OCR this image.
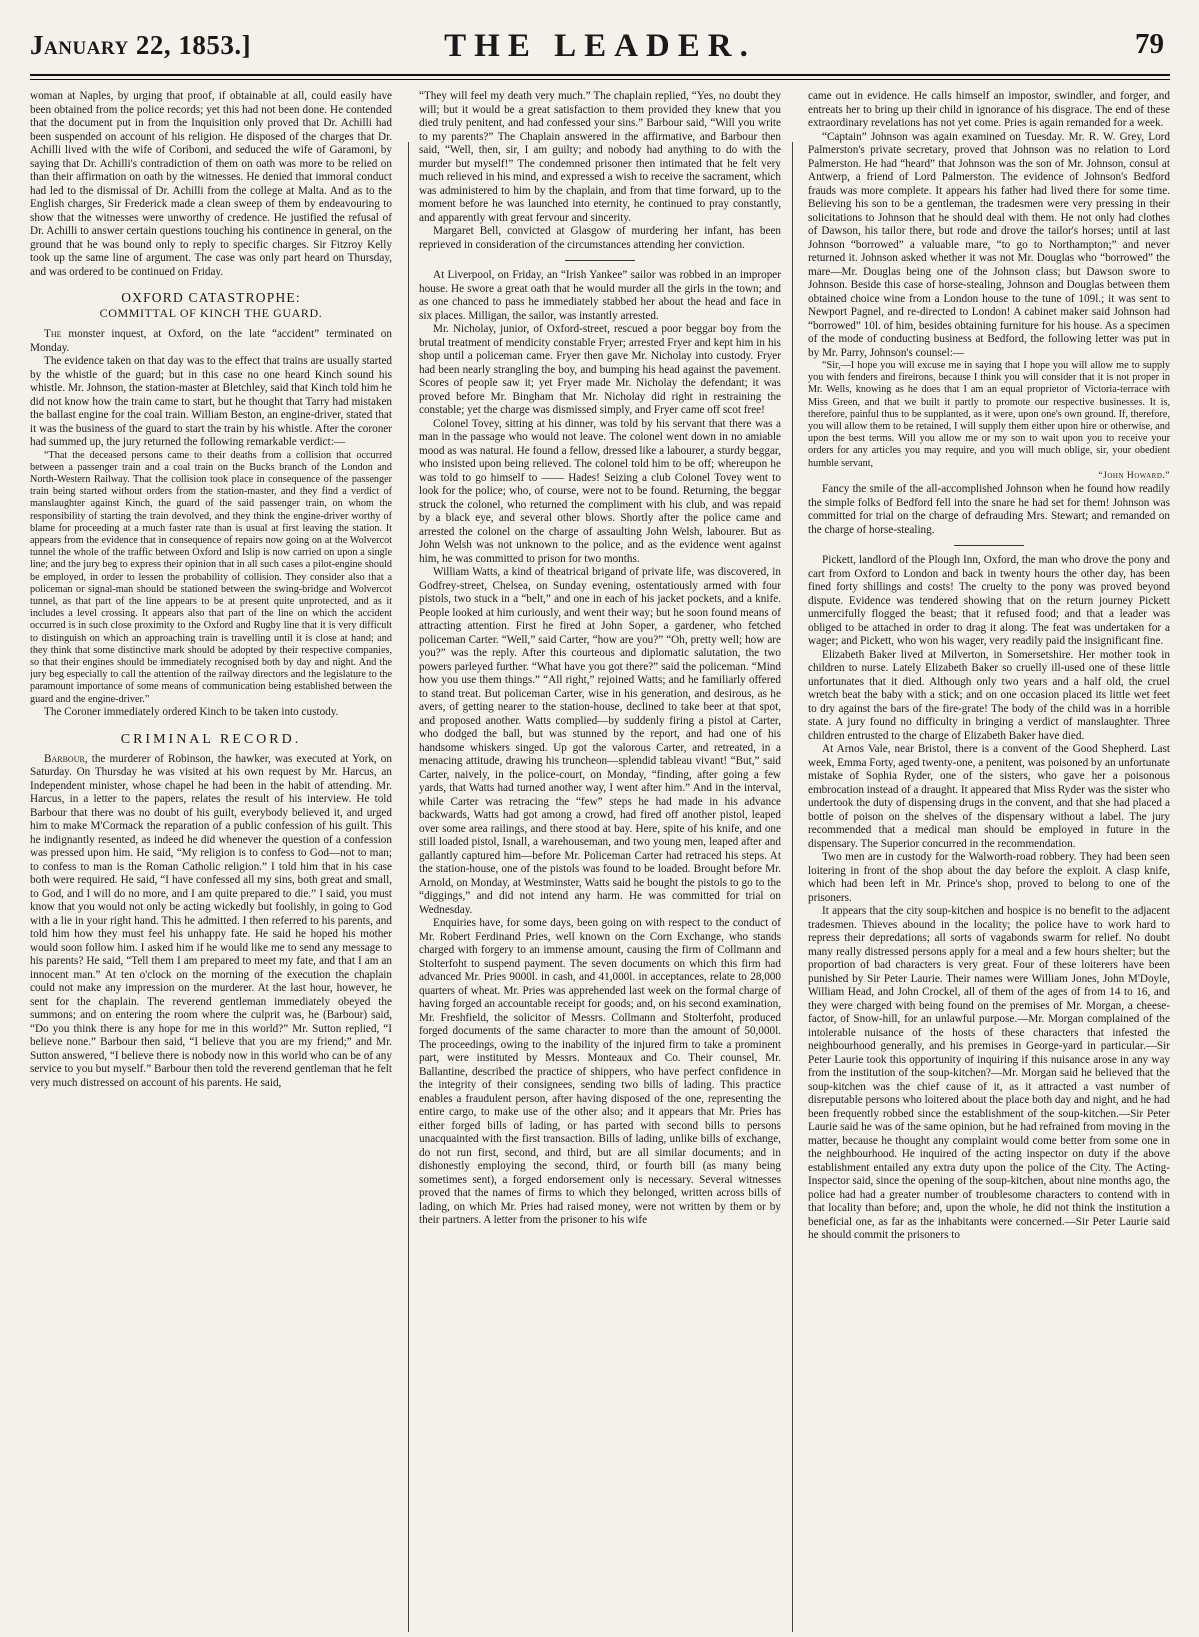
January 22, 1853.]	THE LEADER.	79

woman at Naples, by urging that proof, if obtainable at all, could easily have been obtained from the police records; yet this had not been done. He contended that the document put in from the Inquisition only proved that Dr. Achilli had been suspended on account of his religion. He disposed of the charges that Dr. Achilli lived with the wife of Coriboni, and seduced the wife of Garamoni, by saying that Dr. Achilli's contradiction of them on oath was more to be relied on than their affirmation on oath by the witnesses. He denied that immoral conduct had led to the dismissal of Dr. Achilli from the college at Malta. And as to the English charges, Sir Frederick made a clean sweep of them by endeavouring to show that the witnesses were unworthy of credence. He justified the refusal of Dr. Achilli to answer certain questions touching his continence in general, on the ground that he was bound only to reply to specific charges. Sir Fitzroy Kelly took up the same line of argument. The case was only part heard on Thursday, and was ordered to be continued on Friday.

OXFORD CATASTROPHE:
COMMITTAL OF KINCH THE GUARD.

The monster inquest, at Oxford, on the late “accident” terminated on Monday.

The evidence taken on that day was to the effect that trains are usually started by the whistle of the guard; but in this case no one heard Kinch sound his whistle. Mr. Johnson, the station-master at Bletchley, said that Kinch told him he did not know how the train came to start, but he thought that Tarry had mistaken the ballast engine for the coal train. William Beston, an engine-driver, stated that it was the business of the guard to start the train by his whistle. After the coroner had summed up, the jury returned the following remarkable verdict:—

“That the deceased persons came to their deaths from a collision that occurred between a passenger train and a coal train on the Bucks branch of the London and North-Western Railway. That the collision took place in consequence of the passenger train being started without orders from the station-master, and they find a verdict of manslaughter against Kinch, the guard of the said passenger train, on whom the responsibility of starting the train devolved, and they think the engine-driver worthy of blame for proceeding at a much faster rate than is usual at first leaving the station. It appears from the evidence that in consequence of repairs now going on at the Wolvercot tunnel the whole of the traffic between Oxford and Islip is now carried on upon a single line; and the jury beg to express their opinion that in all such cases a pilot-engine should be employed, in order to lessen the probability of collision. They consider also that a policeman or signal-man should be stationed between the swing-bridge and Wolvercot tunnel, as that part of the line appears to be at present quite unprotected, and as it includes a level crossing. It appears also that part of the line on which the accident occurred is in such close proximity to the Oxford and Rugby line that it is very difficult to distinguish on which an approaching train is travelling until it is close at hand; and they think that some distinctive mark should be adopted by their respective companies, so that their engines should be immediately recognised both by day and night. And the jury beg especially to call the attention of the railway directors and the legislature to the paramount importance of some means of communication being established between the guard and the engine-driver.”

The Coroner immediately ordered Kinch to be taken into custody.

CRIMINAL RECORD.

Barbour, the murderer of Robinson, the hawker, was executed at York, on Saturday. On Thursday he was visited at his own request by Mr. Harcus, an Independent minister, whose chapel he had been in the habit of attending. Mr. Harcus, in a letter to the papers, relates the result of his interview. He told Barbour that there was no doubt of his guilt, everybody believed it, and urged him to make M'Cormack the reparation of a public confession of his guilt. This he indignantly resented, as indeed he did whenever the question of a confession was pressed upon him. He said, “My religion is to confess to God—not to man; to confess to man is the Roman Catholic religion.” I told him that in his case both were required. He said, “I have confessed all my sins, both great and small, to God, and I will do no more, and I am quite prepared to die.” I said, you must know that you would not only be acting wickedly but foolishly, in going to God with a lie in your right hand. This he admitted. I then referred to his parents, and told him how they must feel his unhappy fate. He said he hoped his mother would soon follow him. I asked him if he would like me to send any message to his parents? He said, “Tell them I am prepared to meet my fate, and that I am an innocent man.” At ten o'clock on the morning of the execution the chaplain could not make any impression on the murderer. At the last hour, however, he sent for the chaplain. The reverend gentleman immediately obeyed the summons; and on entering the room where the culprit was, he (Barbour) said, “Do you think there is any hope for me in this world?” Mr. Sutton replied, “I believe none.” Barbour then said, “I believe that you are my friend;” and Mr. Sutton answered, “I believe there is nobody now in this world who can be of any service to you but myself.” Barbour then told the reverend gentleman that he felt very much distressed on account of his parents. He said,

“They will feel my death very much.” The chaplain replied, “Yes, no doubt they will; but it would be a great satisfaction to them provided they knew that you died truly penitent, and had confessed your sins.” Barbour said, “Will you write to my parents?” The Chaplain answered in the affirmative, and Barbour then said, “Well, then, sir, I am guilty; and nobody had anything to do with the murder but myself!” The condemned prisoner then intimated that he felt very much relieved in his mind, and expressed a wish to receive the sacrament, which was administered to him by the chaplain, and from that time forward, up to the moment before he was launched into eternity, he continued to pray constantly, and apparently with great fervour and sincerity.

Margaret Bell, convicted at Glasgow of murdering her infant, has been reprieved in consideration of the circumstances attending her conviction.

At Liverpool, on Friday, an “Irish Yankee” sailor was robbed in an improper house. He swore a great oath that he would murder all the girls in the town; and as one chanced to pass he immediately stabbed her about the head and face in six places. Milligan, the sailor, was instantly arrested.

Mr. Nicholay, junior, of Oxford-street, rescued a poor beggar boy from the brutal treatment of mendicity constable Fryer; arrested Fryer and kept him in his shop until a policeman came. Fryer then gave Mr. Nicholay into custody. Fryer had been nearly strangling the boy, and bumping his head against the pavement. Scores of people saw it; yet Fryer made Mr. Nicholay the defendant; it was proved before Mr. Bingham that Mr. Nicholay did right in restraining the constable; yet the charge was dismissed simply, and Fryer came off scot free!

Colonel Tovey, sitting at his dinner, was told by his servant that there was a man in the passage who would not leave. The colonel went down in no amiable mood as was natural. He found a fellow, dressed like a labourer, a sturdy beggar, who insisted upon being relieved. The colonel told him to be off; whereupon he was told to go himself to —— Hades! Seizing a club Colonel Tovey went to look for the police; who, of course, were not to be found. Returning, the beggar struck the colonel, who returned the compliment with his club, and was repaid by a black eye, and several other blows. Shortly after the police came and arrested the colonel on the charge of assaulting John Welsh, labourer. But as John Welsh was not unknown to the police, and as the evidence went against him, he was committed to prison for two months.

William Watts, a kind of theatrical brigand of private life, was discovered, in Godfrey-street, Chelsea, on Sunday evening, ostentatiously armed with four pistols, two stuck in a “belt,” and one in each of his jacket pockets, and a knife. People looked at him curiously, and went their way; but he soon found means of attracting attention. First he fired at John Soper, a gardener, who fetched policeman Carter. “Well,” said Carter, “how are you?” “Oh, pretty well; how are you?” was the reply. After this courteous and diplomatic salutation, the two powers parleyed further. “What have you got there?” said the policeman. “Mind how you use them things.” “All right,” rejoined Watts; and he familiarly offered to stand treat. But policeman Carter, wise in his generation, and desirous, as he avers, of getting nearer to the station-house, declined to take beer at that spot, and proposed another. Watts complied—by suddenly firing a pistol at Carter, who dodged the ball, but was stunned by the report, and had one of his handsome whiskers singed. Up got the valorous Carter, and retreated, in a menacing attitude, drawing his truncheon—splendid tableau vivant! “But,” said Carter, naively, in the police-court, on Monday, “finding, after going a few yards, that Watts had turned another way, I went after him.” And in the interval, while Carter was retracing the “few” steps he had made in his advance backwards, Watts had got among a crowd, had fired off another pistol, leaped over some area railings, and there stood at bay. Here, spite of his knife, and one still loaded pistol, Isnall, a warehouseman, and two young men, leaped after and gallantly captured him—before Mr. Policeman Carter had retraced his steps. At the station-house, one of the pistols was found to be loaded. Brought before Mr. Arnold, on Monday, at Westminster, Watts said he bought the pistols to go to the “diggings,” and did not intend any harm. He was committed for trial on Wednesday.

Enquiries have, for some days, been going on with respect to the conduct of Mr. Robert Ferdinand Pries, well known on the Corn Exchange, who stands charged with forgery to an immense amount, causing the firm of Collmann and Stolterfoht to suspend payment. The seven documents on which this firm had advanced Mr. Pries 9000l. in cash, and 41,000l. in acceptances, relate to 28,000 quarters of wheat. Mr. Pries was apprehended last week on the formal charge of having forged an accountable receipt for goods; and, on his second examination, Mr. Freshfield, the solicitor of Messrs. Collmann and Stolterfoht, produced forged documents of the same character to more than the amount of 50,000l. The proceedings, owing to the inability of the injured firm to take a prominent part, were instituted by Messrs. Monteaux and Co. Their counsel, Mr. Ballantine, described the practice of shippers, who have perfect confidence in the integrity of their consignees, sending two bills of lading. This practice enables a fraudulent person, after having disposed of the one, representing the entire cargo, to make use of the other also; and it appears that Mr. Pries has either forged bills of lading, or has parted with second bills to persons unacquainted with the first transaction. Bills of lading, unlike bills of exchange, do not run first, second, and third, but are all similar documents; and in dishonestly employing the second, third, or fourth bill (as many being sometimes sent), a forged endorsement only is necessary. Several witnesses proved that the names of firms to which they belonged, written across bills of lading, on which Mr. Pries had raised money, were not written by them or by their partners. A letter from the prisoner to his wife

came out in evidence. He calls himself an impostor, swindler, and forger, and entreats her to bring up their child in ignorance of his disgrace. The end of these extraordinary revelations has not yet come. Pries is again remanded for a week.

“Captain” Johnson was again examined on Tuesday. Mr. R. W. Grey, Lord Palmerston's private secretary, proved that Johnson was no relation to Lord Palmerston. He had “heard” that Johnson was the son of Mr. Johnson, consul at Antwerp, a friend of Lord Palmerston. The evidence of Johnson's Bedford frauds was more complete. It appears his father had lived there for some time. Believing his son to be a gentleman, the tradesmen were very pressing in their solicitations to Johnson that he should deal with them. He not only had clothes of Dawson, his tailor there, but rode and drove the tailor's horses; until at last Johnson “borrowed” a valuable mare, “to go to Northampton;” and never returned it. Johnson asked whether it was not Mr. Douglas who “borrowed” the mare—Mr. Douglas being one of the Johnson class; but Dawson swore to Johnson. Beside this case of horse-stealing, Johnson and Douglas between them obtained choice wine from a London house to the tune of 109l.; it was sent to Newport Pagnel, and re-directed to London! A cabinet maker said Johnson had “borrowed” 10l. of him, besides obtaining furniture for his house. As a specimen of the mode of conducting business at Bedford, the following letter was put in by Mr. Parry, Johnson's counsel:—

“Sir,—I hope you will excuse me in saying that I hope you will allow me to supply you with fenders and fireirons, because I think you will consider that it is not proper in Mr. Wells, knowing as he does that I am an equal proprietor of Victoria-terrace with Miss Green, and that we built it partly to promote our respective businesses. It is, therefore, painful thus to be supplanted, as it were, upon one's own ground. If, therefore, you will allow them to be retained, I will supply them either upon hire or otherwise, and upon the best terms. Will you allow me or my son to wait upon you to receive your orders for any articles you may require, and you will much oblige, sir, your obedient humble servant,

“John Howard.”

Fancy the smile of the all-accomplished Johnson when he found how readily the simple folks of Bedford fell into the snare he had set for them! Johnson was committed for trial on the charge of defrauding Mrs. Stewart; and remanded on the charge of horse-stealing.

Pickett, landlord of the Plough Inn, Oxford, the man who drove the pony and cart from Oxford to London and back in twenty hours the other day, has been fined forty shillings and costs! The cruelty to the pony was proved beyond dispute. Evidence was tendered showing that on the return journey Pickett unmercifully flogged the beast; that it refused food; and that a leader was obliged to be attached in order to drag it along. The feat was undertaken for a wager; and Pickett, who won his wager, very readily paid the insignificant fine.

Elizabeth Baker lived at Milverton, in Somersetshire. Her mother took in children to nurse. Lately Elizabeth Baker so cruelly ill-used one of these little unfortunates that it died. Although only two years and a half old, the cruel wretch beat the baby with a stick; and on one occasion placed its little wet feet to dry against the bars of the fire-grate! The body of the child was in a horrible state. A jury found no difficulty in bringing a verdict of manslaughter. Three children entrusted to the charge of Elizabeth Baker have died.

At Arnos Vale, near Bristol, there is a convent of the Good Shepherd. Last week, Emma Forty, aged twenty-one, a penitent, was poisoned by an unfortunate mistake of Sophia Ryder, one of the sisters, who gave her a poisonous embrocation instead of a draught. It appeared that Miss Ryder was the sister who undertook the duty of dispensing drugs in the convent, and that she had placed a bottle of poison on the shelves of the dispensary without a label. The jury recommended that a medical man should be employed in future in the dispensary. The Superior concurred in the recommendation.

Two men are in custody for the Walworth-road robbery. They had been seen loitering in front of the shop about the day before the exploit. A clasp knife, which had been left in Mr. Prince's shop, proved to belong to one of the prisoners.

It appears that the city soup-kitchen and hospice is no benefit to the adjacent tradesmen. Thieves abound in the locality; the police have to work hard to repress their depredations; all sorts of vagabonds swarm for relief. No doubt many really distressed persons apply for a meal and a few hours shelter; but the proportion of bad characters is very great. Four of these loiterers have been punished by Sir Peter Laurie. Their names were William Jones, John M'Doyle, William Head, and John Crockel, all of them of the ages of from 14 to 16, and they were charged with being found on the premises of Mr. Morgan, a cheese-factor, of Snow-hill, for an unlawful purpose.—Mr. Morgan complained of the intolerable nuisance of the hosts of these characters that infested the neighbourhood generally, and his premises in George-yard in particular.—Sir Peter Laurie took this opportunity of inquiring if this nuisance arose in any way from the institution of the soup-kitchen?—Mr. Morgan said he believed that the soup-kitchen was the chief cause of it, as it attracted a vast number of disreputable persons who loitered about the place both day and night, and he had been frequently robbed since the establishment of the soup-kitchen.—Sir Peter Laurie said he was of the same opinion, but he had refrained from moving in the matter, because he thought any complaint would come better from some one in the neighbourhood. He inquired of the acting inspector on duty if the above establishment entailed any extra duty upon the police of the City. The Acting-Inspector said, since the opening of the soup-kitchen, about nine months ago, the police had had a greater number of troublesome characters to contend with in that locality than before; and, upon the whole, he did not think the institution a beneficial one, as far as the inhabitants were concerned.—Sir Peter Laurie said he should commit the prisoners to
